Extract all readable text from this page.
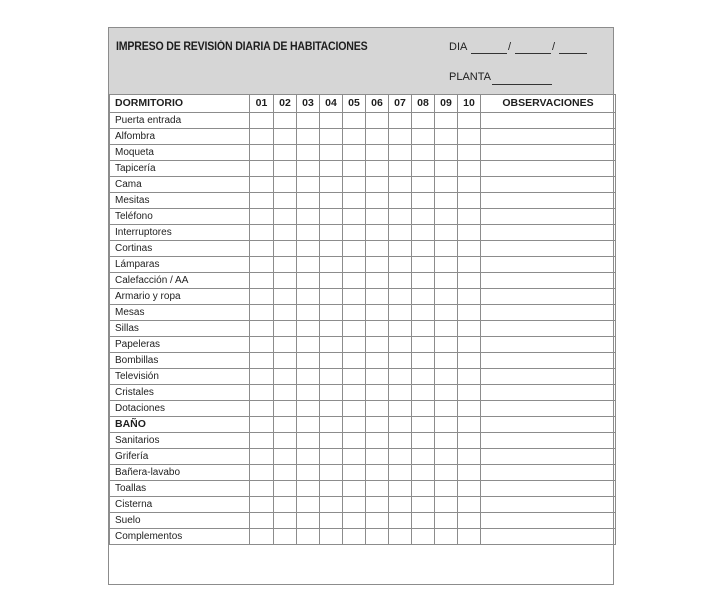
IMPRESO DE REVISIÓN DIARIA DE HABITACIONES	DIA	/	/
PLANTA
DORMITORIO	01	02	03	04	05	06	07	08	09	10	OBSERVACIONES
Puerta entrada											
Alfombra											
Moqueta											
Tapicería											
Cama											
Mesitas											
Teléfono											
Interruptores											
Cortinas											
Lámparas											
Calefacción / AA											
Armario y ropa											
Mesas											
Sillas											
Papeleras											
Bombillas											
Televisión											
Cristales											
Dotaciones											
BAÑO											
Sanitarios											
Grifería											
Bañera-lavabo											
Toallas											
Cisterna											
Suelo											
Complementos											
